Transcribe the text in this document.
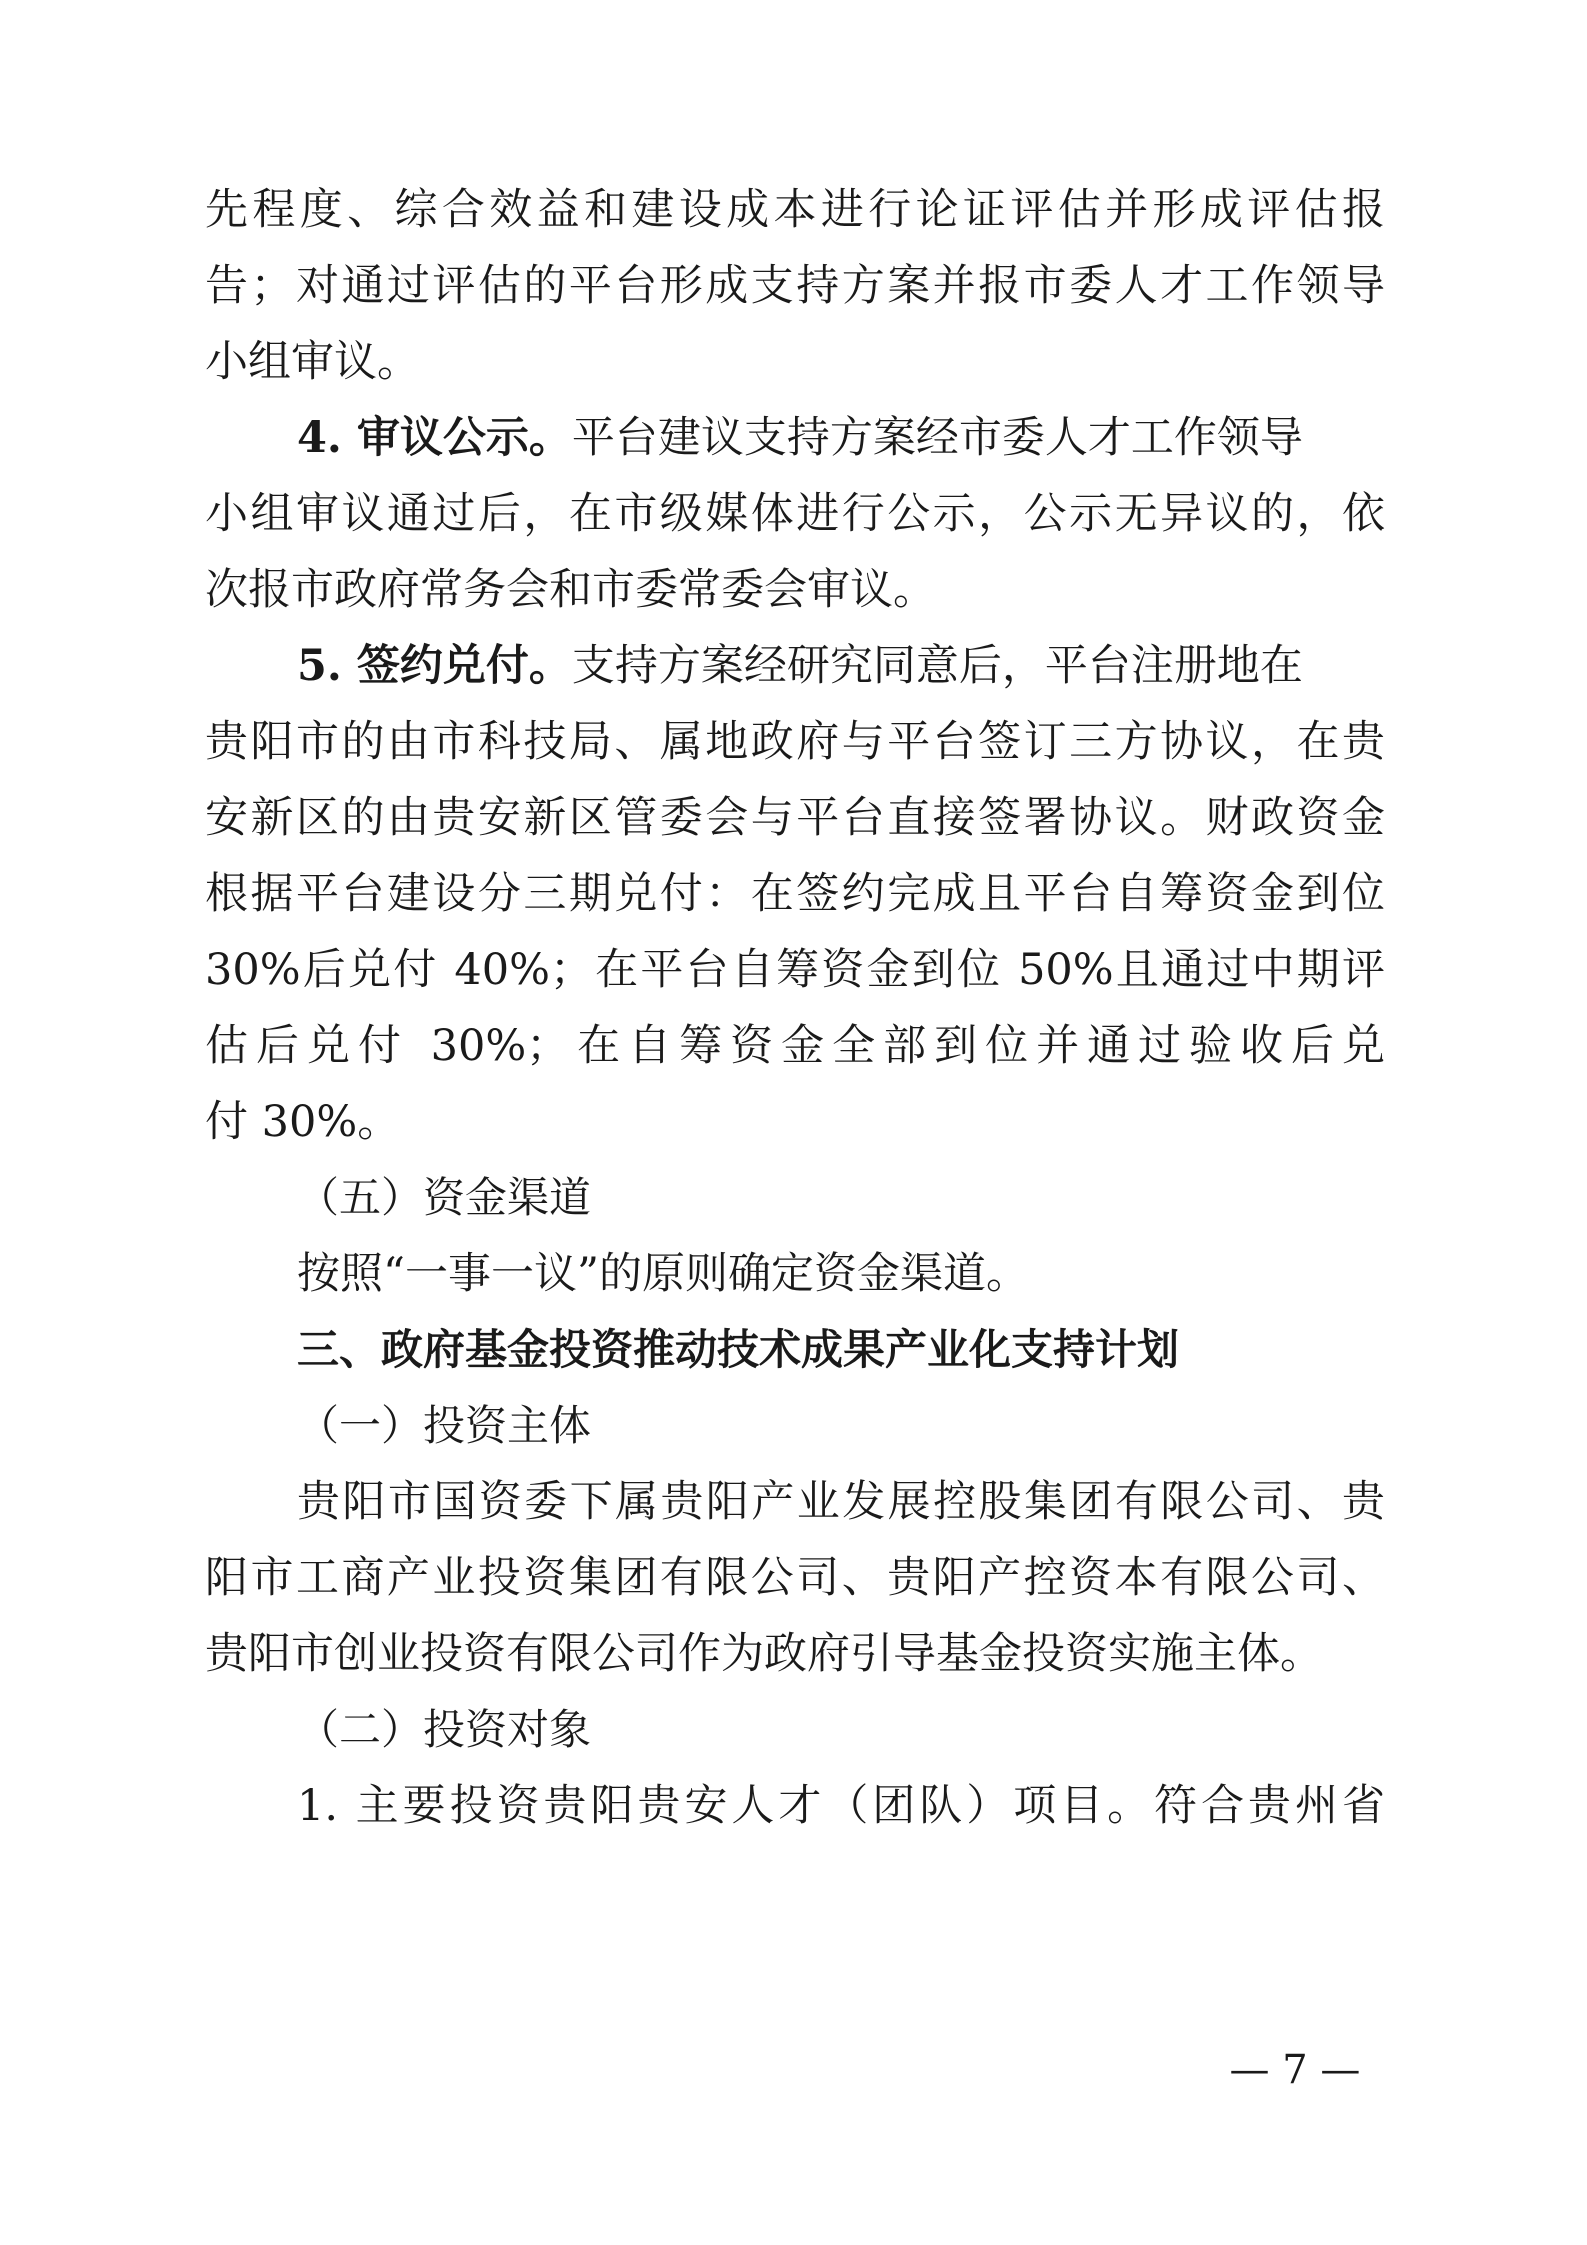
先程度、综合效益和建设成本进行论证评估并形成评估报
告；对通过评估的平台形成支持方案并报市委人才工作领导
小组审议。
4. 审议公示。平台建议支持方案经市委人才工作领导
小组审议通过后，在市级媒体进行公示，公示无异议的，依
次报市政府常务会和市委常委会审议。
5. 签约兑付。支持方案经研究同意后，平台注册地在
贵阳市的由市科技局、属地政府与平台签订三方协议，在贵
安新区的由贵安新区管委会与平台直接签署协议。财政资金
根据平台建设分三期兑付：在签约完成且平台自筹资金到位
30%后兑付 40%；在平台自筹资金到位 50%且通过中期评
估后兑付 30%；在自筹资金全部到位并通过验收后兑
付 30%。
（五）资金渠道
按照“一事一议”的原则确定资金渠道。
三、政府基金投资推动技术成果产业化支持计划
（一）投资主体
贵阳市国资委下属贵阳产业发展控股集团有限公司、贵
阳市工商产业投资集团有限公司、贵阳产控资本有限公司、
贵阳市创业投资有限公司作为政府引导基金投资实施主体。
（二）投资对象
1. 主要投资贵阳贵安人才（团队）项目。符合贵州省
— 7 —
